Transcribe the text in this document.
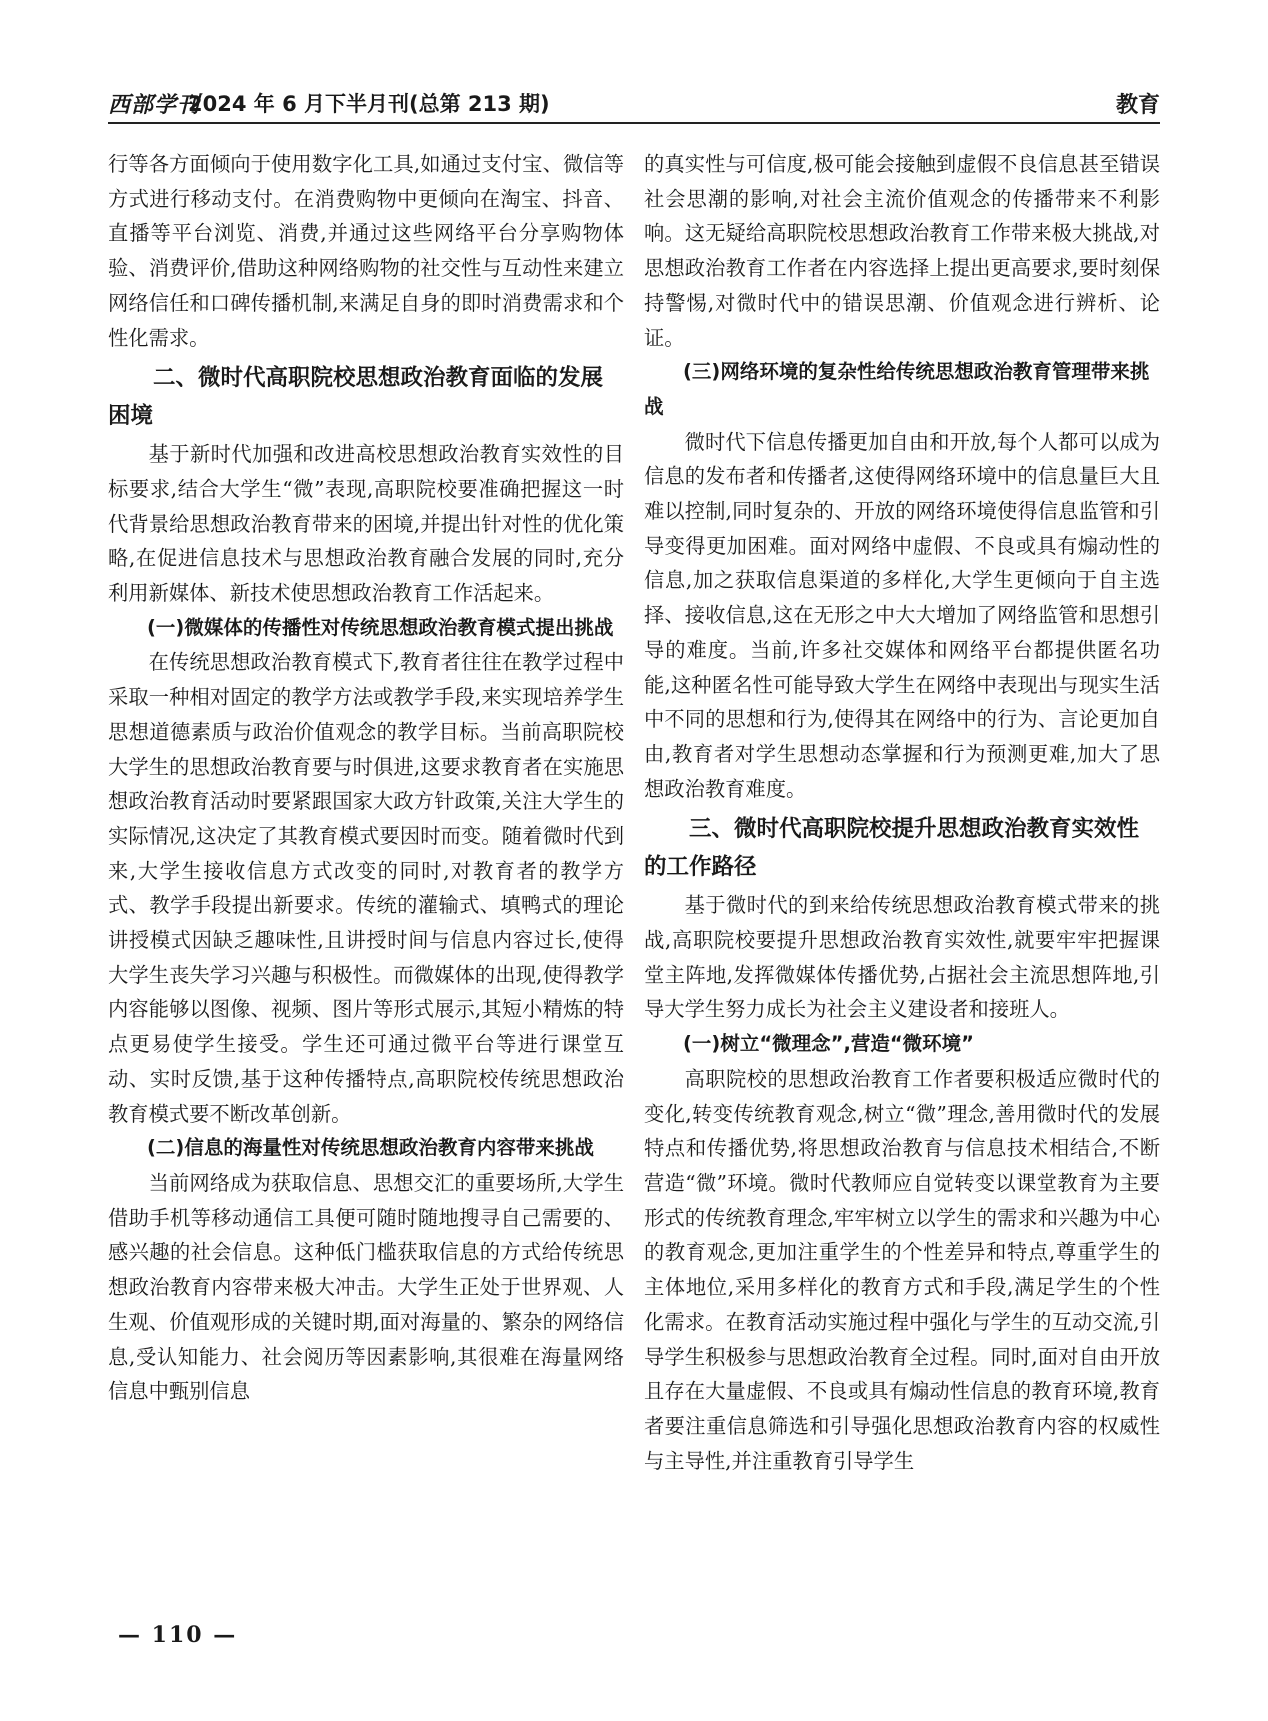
西部学刊
2024 年 6 月下半月刊(总第 213 期)	教育

行等各方面倾向于使用数字化工具,如通过支付宝、微信等方式进行移动支付。在消费购物中更倾向在淘宝、抖音、直播等平台浏览、消费,并通过这些网络平台分享购物体验、消费评价,借助这种网络购物的社交性与互动性来建立网络信任和口碑传播机制,来满足自身的即时消费需求和个性化需求。

二、微时代高职院校思想政治教育面临的发展困境

基于新时代加强和改进高校思想政治教育实效性的目标要求,结合大学生“微”表现,高职院校要准确把握这一时代背景给思想政治教育带来的困境,并提出针对性的优化策略,在促进信息技术与思想政治教育融合发展的同时,充分利用新媒体、新技术使思想政治教育工作活起来。

(一)微媒体的传播性对传统思想政治教育模式提出挑战

在传统思想政治教育模式下,教育者往往在教学过程中采取一种相对固定的教学方法或教学手段,来实现培养学生思想道德素质与政治价值观念的教学目标。当前高职院校大学生的思想政治教育要与时俱进,这要求教育者在实施思想政治教育活动时要紧跟国家大政方针政策,关注大学生的实际情况,这决定了其教育模式要因时而变。随着微时代到来,大学生接收信息方式改变的同时,对教育者的教学方式、教学手段提出新要求。传统的灌输式、填鸭式的理论讲授模式因缺乏趣味性,且讲授时间与信息内容过长,使得大学生丧失学习兴趣与积极性。而微媒体的出现,使得教学内容能够以图像、视频、图片等形式展示,其短小精炼的特点更易使学生接受。学生还可通过微平台等进行课堂互动、实时反馈,基于这种传播特点,高职院校传统思想政治教育模式要不断改革创新。

(二)信息的海量性对传统思想政治教育内容带来挑战

当前网络成为获取信息、思想交汇的重要场所,大学生借助手机等移动通信工具便可随时随地搜寻自己需要的、感兴趣的社会信息。这种低门槛获取信息的方式给传统思想政治教育内容带来极大冲击。大学生正处于世界观、人生观、价值观形成的关键时期,面对海量的、繁杂的网络信息,受认知能力、社会阅历等因素影响,其很难在海量网络信息中甄别信息

的真实性与可信度,极可能会接触到虚假不良信息甚至错误社会思潮的影响,对社会主流价值观念的传播带来不利影响。这无疑给高职院校思想政治教育工作带来极大挑战,对思想政治教育工作者在内容选择上提出更高要求,要时刻保持警惕,对微时代中的错误思潮、价值观念进行辨析、论证。

(三)网络环境的复杂性给传统思想政治教育管理带来挑战

微时代下信息传播更加自由和开放,每个人都可以成为信息的发布者和传播者,这使得网络环境中的信息量巨大且难以控制,同时复杂的、开放的网络环境使得信息监管和引导变得更加困难。面对网络中虚假、不良或具有煽动性的信息,加之获取信息渠道的多样化,大学生更倾向于自主选择、接收信息,这在无形之中大大增加了网络监管和思想引导的难度。当前,许多社交媒体和网络平台都提供匿名功能,这种匿名性可能导致大学生在网络中表现出与现实生活中不同的思想和行为,使得其在网络中的行为、言论更加自由,教育者对学生思想动态掌握和行为预测更难,加大了思想政治教育难度。

三、微时代高职院校提升思想政治教育实效性的工作路径

基于微时代的到来给传统思想政治教育模式带来的挑战,高职院校要提升思想政治教育实效性,就要牢牢把握课堂主阵地,发挥微媒体传播优势,占据社会主流思想阵地,引导大学生努力成长为社会主义建设者和接班人。

(一)树立“微理念”,营造“微环境”

高职院校的思想政治教育工作者要积极适应微时代的变化,转变传统教育观念,树立“微”理念,善用微时代的发展特点和传播优势,将思想政治教育与信息技术相结合,不断营造“微”环境。微时代教师应自觉转变以课堂教育为主要形式的传统教育理念,牢牢树立以学生的需求和兴趣为中心的教育观念,更加注重学生的个性差异和特点,尊重学生的主体地位,采用多样化的教育方式和手段,满足学生的个性化需求。在教育活动实施过程中强化与学生的互动交流,引导学生积极参与思想政治教育全过程。同时,面对自由开放且存在大量虚假、不良或具有煽动性信息的教育环境,教育者要注重信息筛选和引导强化思想政治教育内容的权威性与主导性,并注重教育引导学生

— 110 —
